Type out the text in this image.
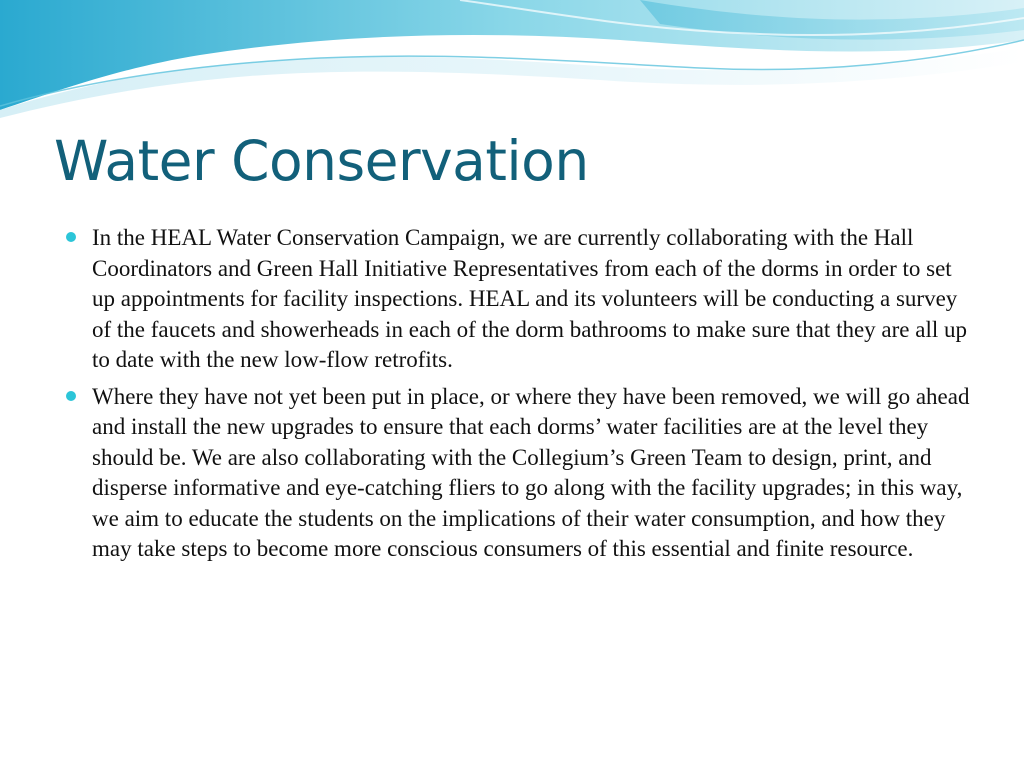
Water Conservation
In the HEAL Water Conservation Campaign, we are currently collaborating with the Hall Coordinators and Green Hall Initiative Representatives from each of the dorms in order to set up appointments for facility inspections. HEAL and its volunteers will be conducting a survey of the faucets and showerheads in each of the dorm bathrooms to make sure that they are all up to date with the new low-flow retrofits.
Where they have not yet been put in place, or where they have been removed, we will go ahead and install the new upgrades to ensure that each dorms’ water facilities are at the level they should be. We are also collaborating with the Collegium’s Green Team to design, print, and disperse informative and eye-catching fliers to go along with the facility upgrades; in this way, we aim to educate the students on the implications of their water consumption, and how they may take steps to become more conscious consumers of this essential and finite resource.
